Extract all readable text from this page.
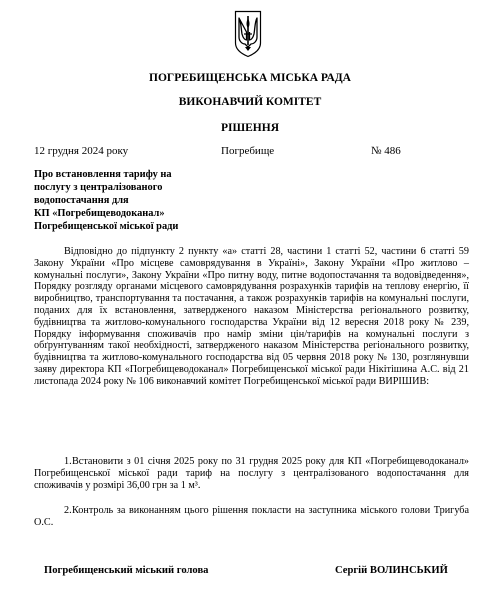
ПОГРЕБИЩЕНСЬКА МІСЬКА РАДА
ВИКОНАВЧИЙ КОМІТЕТ
РІШЕННЯ
12 грудня 2024 року	Погребище	№ 486
Про встановлення тарифу на
послугу з централізованого
водопостачання для
КП «Погребищеводоканал»
Погребищенської міської ради

Відповідно до підпункту 2 пункту «а» статті 28, частини 1 статті 52, частини 6 статті 59 Закону України «Про місцеве самоврядування в Україні», Закону України «Про житлово – комунальні послуги», Закону України «Про питну воду, питне водопостачання та водовідведення», Порядку розгляду органами місцевого самоврядування розрахунків тарифів на теплову енергію, її виробництво, транспортування та постачання, а також розрахунків тарифів на комунальні послуги, поданих для їх встановлення, затвердженого наказом Міністерства регіонального розвитку, будівництва та житлово-комунального господарства України від 12 вересня 2018 року № 239, Порядку інформування споживачів про намір зміни цін/тарифів на комунальні послуги з обґрунтуванням такої необхідності, затвердженого наказом Міністерства регіонального розвитку, будівництва та житлово-комунального господарства від 05 червня 2018 року № 130, розглянувши заяву директора КП «Погребищеводоканал» Погребищенської міської ради Нікітішина А.С. від 21 листопада 2024 року № 106 виконавчий комітет Погребищенської міської ради ВИРІШИВ:

1.Встановити з 01 січня 2025 року по 31 грудня 2025 року для КП «Погребищеводоканал» Погребищенської міської ради тариф на послугу з централізованого водопостачання для споживачів у розмірі 36,00 грн за 1 м³.
2.Контроль за виконанням цього рішення покласти на заступника міського голови Тригуба О.С.
Погребищенський міський голова	Сергій ВОЛИНСЬКИЙ
